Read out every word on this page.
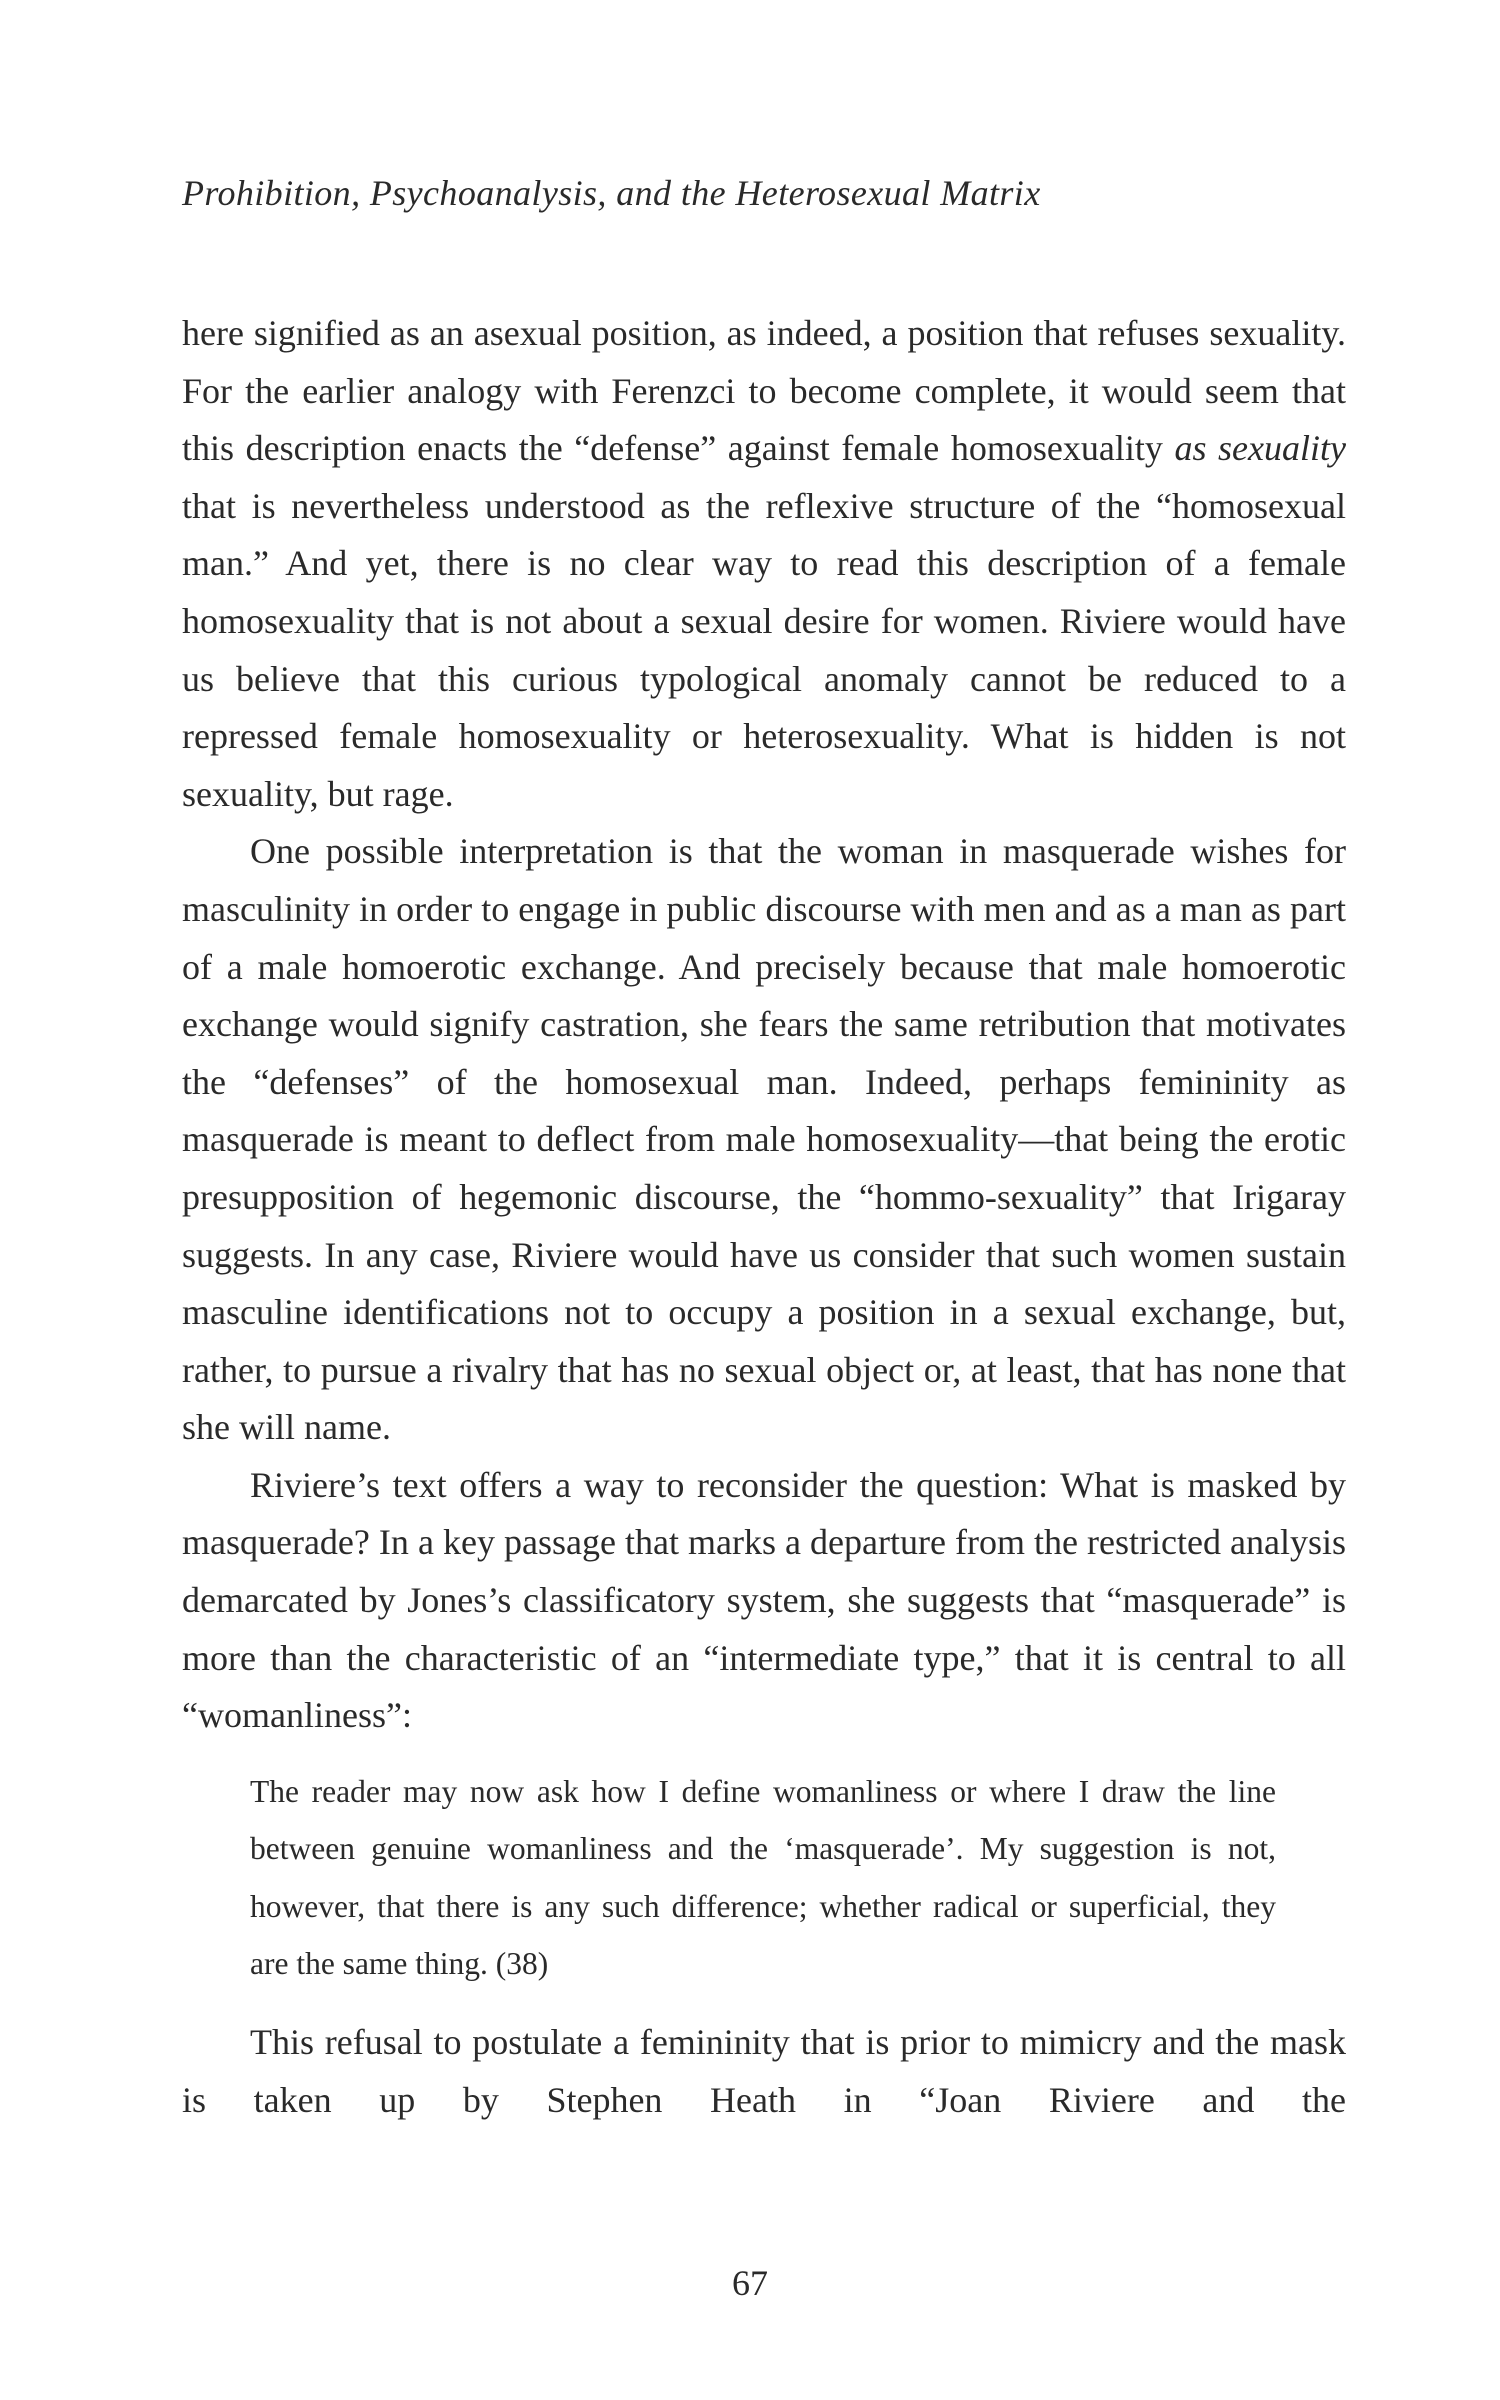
Prohibition, Psychoanalysis, and the Heterosexual Matrix

here signified as an asexual position, as indeed, a position that refuses sexuality. For the earlier analogy with Ferenzci to become complete, it would seem that this description enacts the “defense” against female homosexuality as sexuality that is nevertheless understood as the reflexive structure of the “homosexual man.” And yet, there is no clear way to read this description of a female homosexuality that is not about a sexual desire for women. Riviere would have us believe that this curious typological anomaly cannot be reduced to a repressed female homosexuality or heterosexuality. What is hidden is not sexuality, but rage.

One possible interpretation is that the woman in masquerade wishes for masculinity in order to engage in public discourse with men and as a man as part of a male homoerotic exchange. And precisely because that male homoerotic exchange would signify castration, she fears the same retribution that motivates the “defenses” of the homosexual man. Indeed, perhaps femininity as masquerade is meant to deflect from male homosexuality—that being the erotic presupposition of hegemonic discourse, the “hommo-sexuality” that Irigaray suggests. In any case, Riviere would have us consider that such women sustain masculine identifications not to occupy a position in a sexual exchange, but, rather, to pursue a rivalry that has no sexual object or, at least, that has none that she will name.

Riviere’s text offers a way to reconsider the question: What is masked by masquerade? In a key passage that marks a departure from the restricted analysis demarcated by Jones’s classificatory system, she suggests that “masquerade” is more than the characteristic of an “intermediate type,” that it is central to all “womanliness”:

The reader may now ask how I define womanliness or where I draw the line between genuine womanliness and the ‘masquerade’. My suggestion is not, however, that there is any such difference; whether radical or superficial, they are the same thing. (38)

This refusal to postulate a femininity that is prior to mimicry and the mask is taken up by Stephen Heath in “Joan Riviere and the

67
